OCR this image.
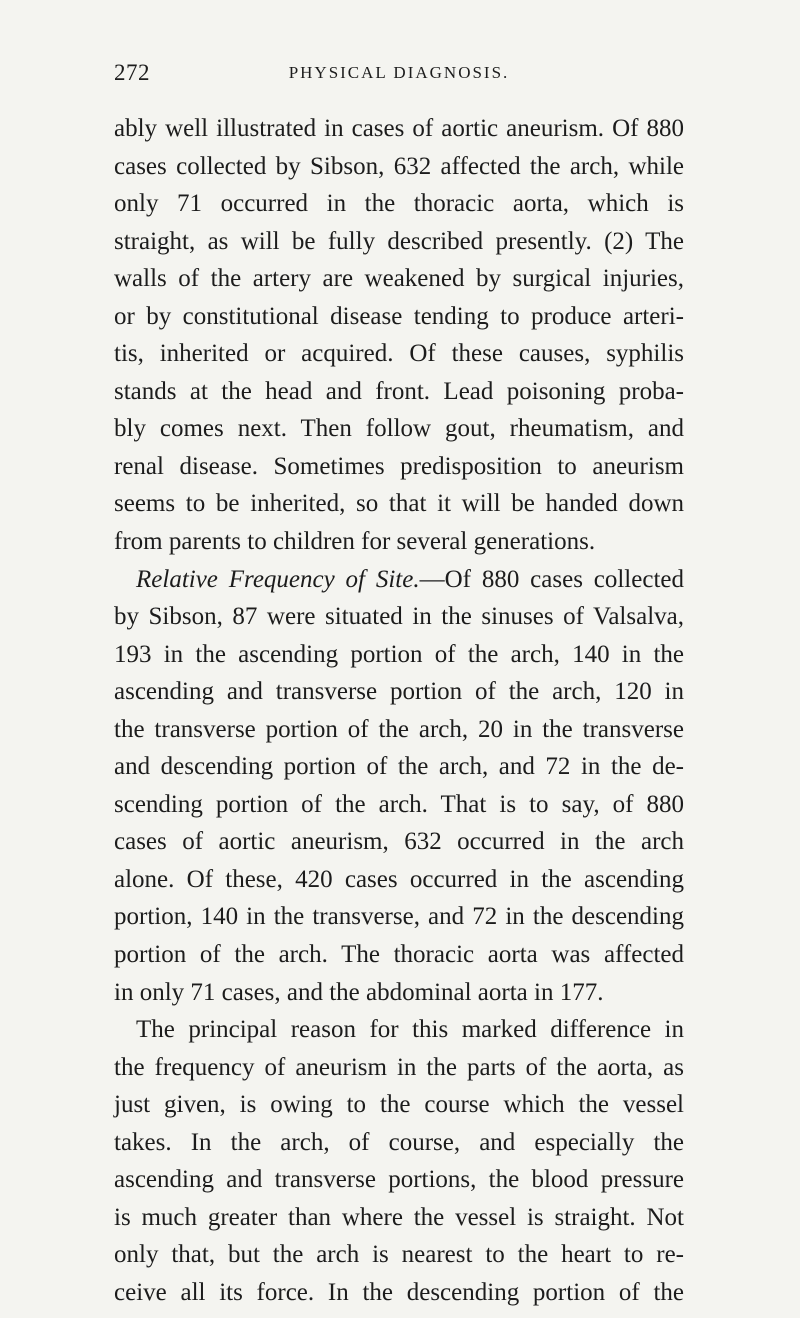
272	PHYSICAL DIAGNOSIS.
ably well illustrated in cases of aortic aneurism. Of 880
cases collected by Sibson, 632 affected the arch, while
only 71 occurred in the thoracic aorta, which is
straight, as will be fully described presently. (2) The
walls of the artery are weakened by surgical injuries,
or by constitutional disease tending to produce arteri-
tis, inherited or acquired. Of these causes, syphilis
stands at the head and front. Lead poisoning proba-
bly comes next. Then follow gout, rheumatism, and
renal disease. Sometimes predisposition to aneurism
seems to be inherited, so that it will be handed down
from parents to children for several generations.
Relative Frequency of Site.—Of 880 cases collected
by Sibson, 87 were situated in the sinuses of Valsalva,
193 in the ascending portion of the arch, 140 in the
ascending and transverse portion of the arch, 120 in
the transverse portion of the arch, 20 in the transverse
and descending portion of the arch, and 72 in the de-
scending portion of the arch. That is to say, of 880
cases of aortic aneurism, 632 occurred in the arch
alone. Of these, 420 cases occurred in the ascending
portion, 140 in the transverse, and 72 in the descending
portion of the arch. The thoracic aorta was affected
in only 71 cases, and the abdominal aorta in 177.
The principal reason for this marked difference in
the frequency of aneurism in the parts of the aorta, as
just given, is owing to the course which the vessel
takes. In the arch, of course, and especially the
ascending and transverse portions, the blood pressure
is much greater than where the vessel is straight. Not
only that, but the arch is nearest to the heart to re-
ceive all its force. In the descending portion of the
